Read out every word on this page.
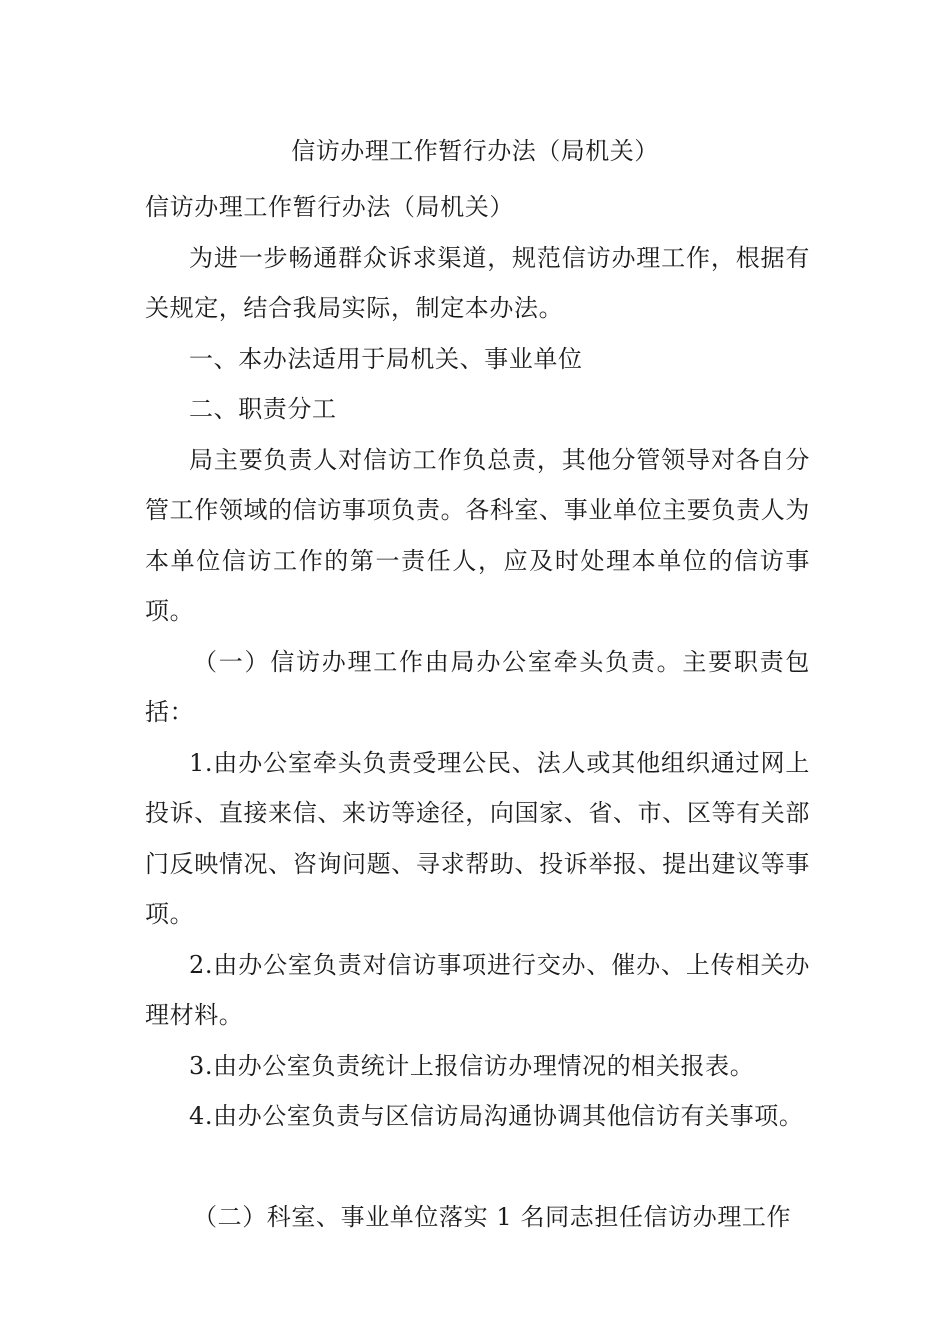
信访办理工作暂行办法（局机关）

信访办理工作暂行办法（局机关）

为进一步畅通群众诉求渠道，规范信访办理工作，根据有关规定，结合我局实际，制定本办法。

一、本办法适用于局机关、事业单位

二、职责分工

局主要负责人对信访工作负总责，其他分管领导对各自分管工作领域的信访事项负责。各科室、事业单位主要负责人为本单位信访工作的第一责任人，应及时处理本单位的信访事项。

（一）信访办理工作由局办公室牵头负责。主要职责包括：

1.由办公室牵头负责受理公民、法人或其他组织通过网上投诉、直接来信、来访等途径，向国家、省、市、区等有关部门反映情况、咨询问题、寻求帮助、投诉举报、提出建议等事项。

2.由办公室负责对信访事项进行交办、催办、上传相关办理材料。

3.由办公室负责统计上报信访办理情况的相关报表。

4.由办公室负责与区信访局沟通协调其他信访有关事项。

（二）科室、事业单位落实 1 名同志担任信访办理工作
